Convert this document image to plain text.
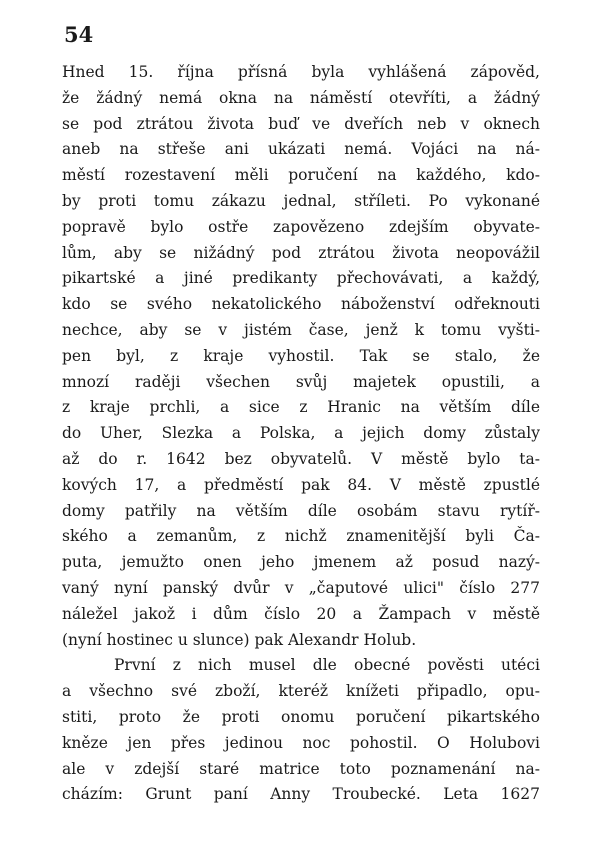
54
Hned 15. října přísná byla vyhlášená zápověd,
že žádný nemá okna na náměstí otevříti, a žádný
se pod ztrátou života buď ve dveřích neb v oknech
aneb na střeše ani ukázati nemá. Vojáci na ná-
městí rozestavení měli poručení na každého, kdo-
by proti tomu zákazu jednal, stříleti. Po vykonané
popravě bylo ostře zapovězeno zdejším obyvate-
lům, aby se nižádný pod ztrátou života neopovážil
pikartské a jiné predikanty přechovávati, a každý,
kdo se svého nekatolického náboženství odřeknouti
nechce, aby se v jistém čase, jenž k tomu vyšti-
pen byl, z kraje vyhostil. Tak se stalo, že
mnozí raději všechen svůj majetek opustili, a
z kraje prchli, a sice z Hranic na větším díle
do Uher, Slezka a Polska, a jejich domy zůstaly
až do r. 1642 bez obyvatelů. V městě bylo ta-
kových 17, a předměstí pak 84. V městě zpustlé
domy patřily na větším díle osobám stavu rytíř-
ského a zemanům, z nichž znamenitější byli Ča-
puta, jemužto onen jeho jmenem až posud nazý-
vaný nyní panský dvůr v „čaputové ulici" číslo 277
náležel jakož i dům číslo 20 a Žampach v městě
(nyní hostinec u slunce) pak Alexandr Holub.
První z nich musel dle obecné pověsti utéci
a všechno své zboží, kteréž knížeti připadlo, opu-
stiti, proto že proti onomu poručení pikartského
kněze jen přes jedinou noc pohostil. O Holubovi
ale v zdejší staré matrice toto poznamenání na-
cházím: Grunt paní Anny Troubecké. Leta 1627
